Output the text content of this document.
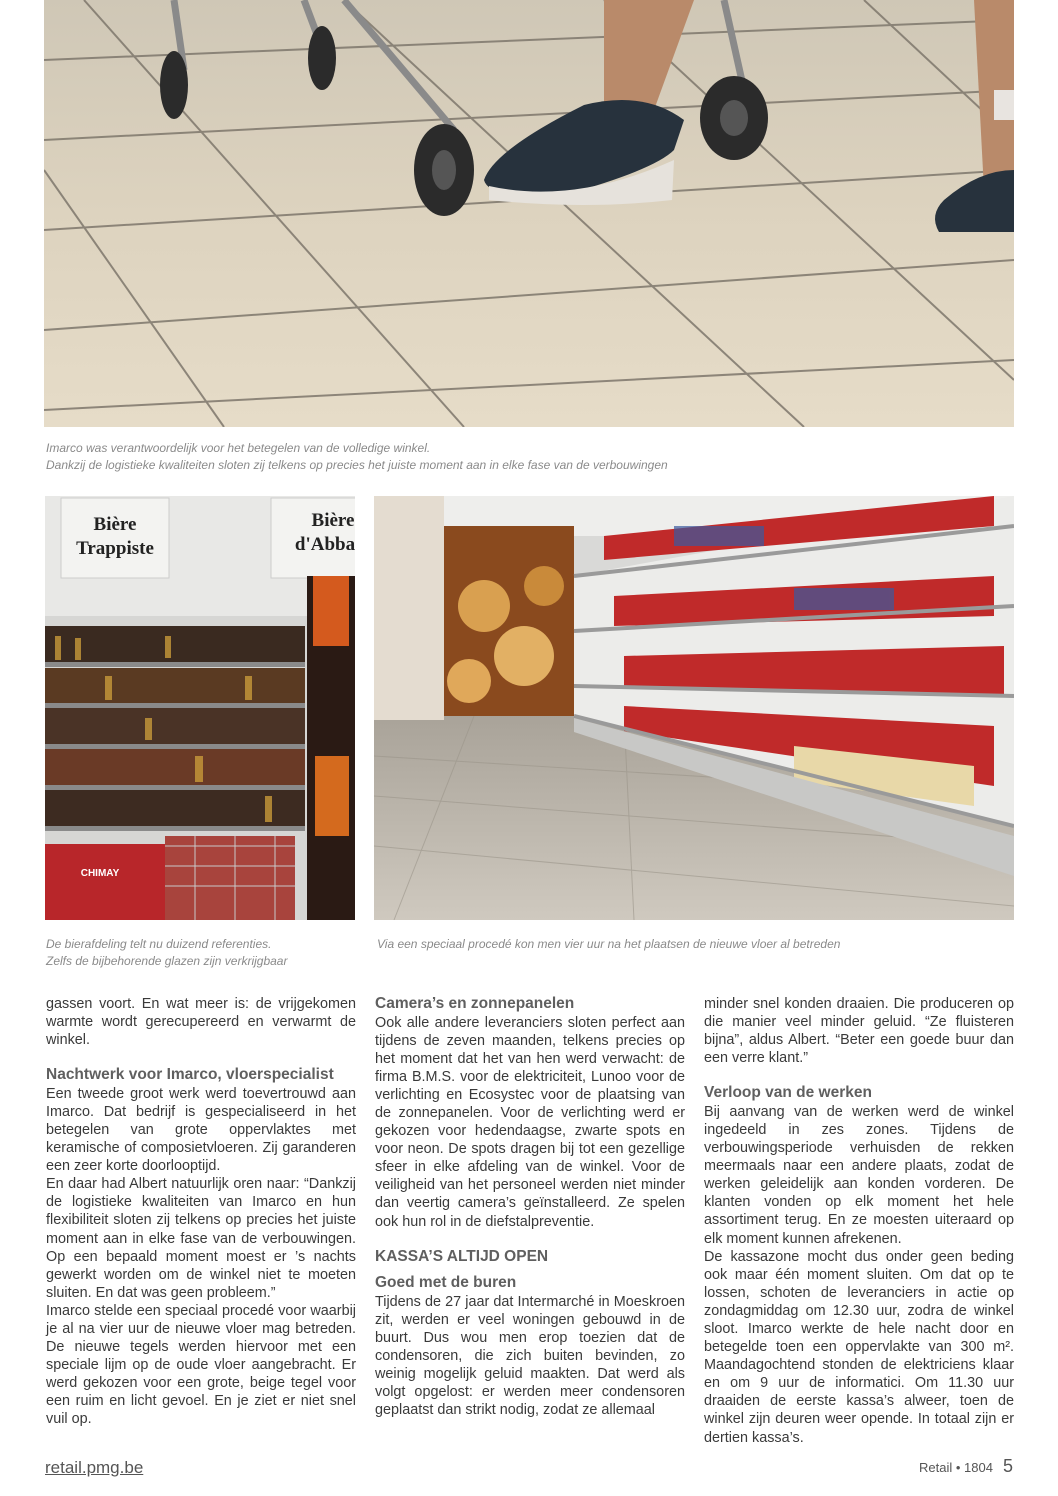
Imarco was verantwoordelijk voor het betegelen van de volledige winkel.
Dankzij de logistieke kwaliteiten sloten zij telkens op precies het juiste moment aan in elke fase van de verbouwingen

Bière
Trappiste
Bière
d'Abba
CHIMAY

De bierafdeling telt nu duizend referenties.
Zelfs de bijbehorende glazen zijn verkrijgbaar

Via een speciaal procedé kon men vier uur na het plaatsen de nieuwe vloer al betreden

gassen voort. En wat meer is: de vrijgekomen warmte wordt gerecupereerd en verwarmt de winkel.

Nachtwerk voor Imarco, vloerspecialist

Een tweede groot werk werd toevertrouwd aan Imarco. Dat bedrijf is gespecialiseerd in het betegelen van grote oppervlaktes met keramische of composietvloeren. Zij garanderen een zeer korte doorlooptijd.

En daar had Albert natuurlijk oren naar: “Dankzij de logistieke kwaliteiten van Imarco en hun flexibiliteit sloten zij telkens op precies het juiste moment aan in elke fase van de verbouwingen. Op een bepaald moment moest er ’s nachts gewerkt worden om de winkel niet te moeten sluiten. En dat was geen probleem.”

Imarco stelde een speciaal procedé voor waarbij je al na vier uur de nieuwe vloer mag betreden. De nieuwe tegels werden hiervoor met een speciale lijm op de oude vloer aangebracht. Er werd gekozen voor een grote, beige tegel voor een ruim en licht gevoel. En je ziet er niet snel vuil op.

Camera’s en zonnepanelen

Ook alle andere leveranciers sloten perfect aan tijdens de zeven maanden, telkens precies op het moment dat het van hen werd verwacht: de firma B.M.S. voor de elektriciteit, Lunoo voor de verlichting en Ecosystec voor de plaatsing van de zonnepanelen. Voor de verlichting werd er gekozen voor hedendaagse, zwarte spots en voor neon. De spots dragen bij tot een gezellige sfeer in elke afdeling van de winkel. Voor de veiligheid van het personeel werden niet minder dan veertig camera’s geïnstalleerd. Ze spelen ook hun rol in de diefstalpreventie.

KASSA’S ALTIJD OPEN
Goed met de buren

Tijdens de 27 jaar dat Intermarché in Moeskroen zit, werden er veel woningen gebouwd in de buurt. Dus wou men erop toezien dat de condensoren, die zich buiten bevinden, zo weinig mogelijk geluid maakten. Dat werd als volgt opgelost: er werden meer condensoren geplaatst dan strikt nodig, zodat ze allemaal

minder snel konden draaien. Die produceren op die manier veel minder geluid. “Ze fluisteren bijna”, aldus Albert. “Beter een goede buur dan een verre klant.”

Verloop van de werken

Bij aanvang van de werken werd de winkel ingedeeld in zes zones. Tijdens de verbouwingsperiode verhuisden de rekken meermaals naar een andere plaats, zodat de werken geleidelijk aan konden vorderen. De klanten vonden op elk moment het hele assortiment terug. En ze moesten uiteraard op elk moment kunnen afrekenen.

De kassazone mocht dus onder geen beding ook maar één moment sluiten. Om dat op te lossen, schoten de leveranciers in actie op zondagmiddag om 12.30 uur, zodra de winkel sloot. Imarco werkte de hele nacht door en betegelde toen een oppervlakte van 300 m². Maandagochtend stonden de elektriciens klaar en om 9 uur de informatici. Om 11.30 uur draaiden de eerste kassa’s alweer, toen de winkel zijn deuren weer opende. In totaal zijn er dertien kassa’s.

retail.pmg.be	Retail • 1804 5
